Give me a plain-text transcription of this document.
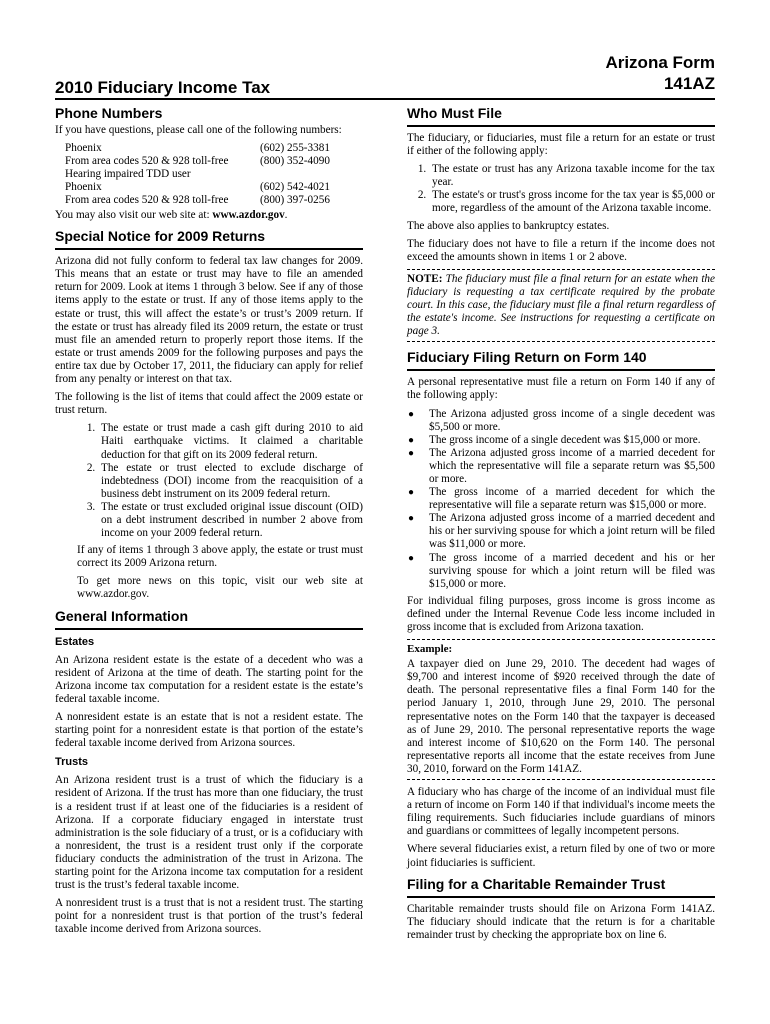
2010 Fiduciary Income Tax
Arizona Form
141AZ
Phone Numbers

If you have questions, please call one of the following numbers:

Phoenix	(602) 255-3381
From area codes 520 & 928 toll-free	(800) 352-4090
Hearing impaired TDD user
Phoenix	(602) 542-4021
From area codes 520 & 928 toll-free	(800) 397-0256

You may also visit our web site at: www.azdor.gov.

Special Notice for 2009 Returns

Arizona did not fully conform to federal tax law changes for 2009. This means that an estate or trust may have to file an amended return for 2009. Look at items 1 through 3 below. See if any of those items apply to the estate or trust. If any of those items apply to the estate or trust, this will affect the estate’s or trust’s 2009 return. If the estate or trust has already filed its 2009 return, the estate or trust must file an amended return to properly report those items. If the estate or trust amends 2009 for the following purposes and pays the entire tax due by October 17, 2011, the fiduciary can apply for relief from any penalty or interest on that tax.

The following is the list of items that could affect the 2009 estate or trust return.

1. The estate or trust made a cash gift during 2010 to aid Haiti earthquake victims. It claimed a charitable deduction for that gift on its 2009 federal return.
2. The estate or trust elected to exclude discharge of indebtedness (DOI) income from the reacquisition of a business debt instrument on its 2009 federal return.
3. The estate or trust excluded original issue discount (OID) on a debt instrument described in number 2 above from income on your 2009 federal return.

If any of items 1 through 3 above apply, the estate or trust must correct its 2009 Arizona return.

To get more news on this topic, visit our web site at www.azdor.gov.

General Information
Estates

An Arizona resident estate is the estate of a decedent who was a resident of Arizona at the time of death. The starting point for the Arizona income tax computation for a resident estate is the estate’s federal taxable income.

A nonresident estate is an estate that is not a resident estate. The starting point for a nonresident estate is that portion of the estate’s federal taxable income derived from Arizona sources.

Trusts

An Arizona resident trust is a trust of which the fiduciary is a resident of Arizona. If the trust has more than one fiduciary, the trust is a resident trust if at least one of the fiduciaries is a resident of Arizona. If a corporate fiduciary engaged in interstate trust administration is the sole fiduciary of a trust, or is a cofiduciary with a nonresident, the trust is a resident trust only if the corporate fiduciary conducts the administration of the trust in Arizona. The starting point for the Arizona income tax computation for a resident trust is the trust’s federal taxable income.

A nonresident trust is a trust that is not a resident trust. The starting point for a nonresident trust is that portion of the trust’s federal taxable income derived from Arizona sources.

Who Must File

The fiduciary, or fiduciaries, must file a return for an estate or trust if either of the following apply:

1. The estate or trust has any Arizona taxable income for the tax year.
2. The estate's or trust's gross income for the tax year is $5,000 or more, regardless of the amount of the Arizona taxable income.

The above also applies to bankruptcy estates.

The fiduciary does not have to file a return if the income does not exceed the amounts shown in items 1 or 2 above.

NOTE: The fiduciary must file a final return for an estate when the fiduciary is requesting a tax certificate required by the probate court. In this case, the fiduciary must file a final return regardless of the estate's income. See instructions for requesting a certificate on page 3.
Fiduciary Filing Return on Form 140

A personal representative must file a return on Form 140 if any of the following apply:

● The Arizona adjusted gross income of a single decedent was $5,500 or more.
● The gross income of a single decedent was $15,000 or more.
● The Arizona adjusted gross income of a married decedent for which the representative will file a separate return was $5,500 or more.
● The gross income of a married decedent for which the representative will file a separate return was $15,000 or more.
● The Arizona adjusted gross income of a married decedent and his or her surviving spouse for which a joint return will be filed was $11,000 or more.
● The gross income of a married decedent and his or her surviving spouse for which a joint return will be filed was $15,000 or more.

For individual filing purposes, gross income is gross income as defined under the Internal Revenue Code less income included in gross income that is excluded from Arizona taxation.

Example:
A taxpayer died on June 29, 2010. The decedent had wages of $9,700 and interest income of $920 received through the date of death. The personal representative files a final Form 140 for the period January 1, 2010, through June 29, 2010. The personal representative notes on the Form 140 that the taxpayer is deceased as of June 29, 2010. The personal representative reports the wage and interest income of $10,620 on the Form 140. The personal representative reports all income that the estate receives from June 30, 2010, forward on the Form 141AZ.

A fiduciary who has charge of the income of an individual must file a return of income on Form 140 if that individual's income meets the filing requirements. Such fiduciaries include guardians of minors and guardians or committees of legally incompetent persons.

Where several fiduciaries exist, a return filed by one of two or more joint fiduciaries is sufficient.

Filing for a Charitable Remainder Trust

Charitable remainder trusts should file on Arizona Form 141AZ. The fiduciary should indicate that the return is for a charitable remainder trust by checking the appropriate box on line 6.
